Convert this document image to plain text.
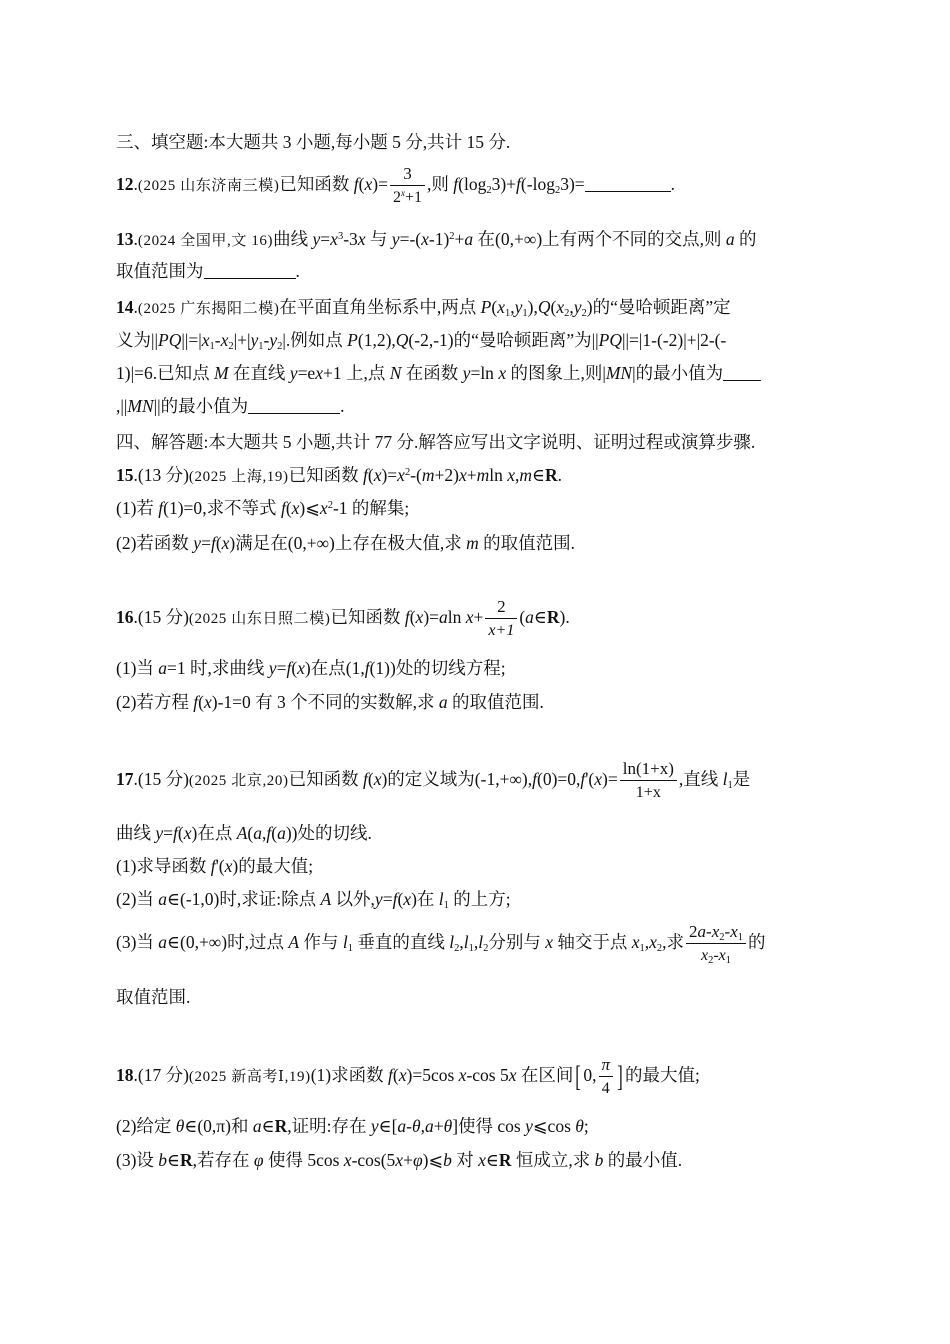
三、填空题:本大题共 3 小题,每小题 5 分,共计 15 分.
12.(2025 山东济南三模)已知函数 $f(x)= \frac{3}{2^x+1}$ ,则 $f(\log_23)+f(-\log_23)=$	.
13.(2024 全国甲,文 16)曲线 $y=x^3-3x$ 与 $y=-(x-1)^2+a$ 在(0,+∞)上有两个不同的交点,则 a 的
取值范围为	.
14.(2025 广东揭阳二模)在平面直角坐标系中,两点 $P(x_1,y_1),Q(x_2,y_2)$的“曼哈顿距离”定
义为$||PQ||=|x_1-x_2|+|y_1-y_2|$.例如点 P(1,2),Q(-2,-1)的“曼哈顿距离”为||PQ||=|1-(-2)|+|2-(-
1)|=6.已知点 M 在直线 y=ex+1 上,点 N 在函数 y=ln x 的图象上,则|MN|的最小值为
,||MN||的最小值为	.
四、解答题:本大题共 5 小题,共计 77 分.解答应写出文字说明、证明过程或演算步骤.
15.(13 分)(2025 上海,19)已知函数 $f(x)=x^2-(m+2)x+mln$ x,m∈R.
(1)若 f(1)=0,求不等式 $f(x)⩽x^2-1$ 的解集;
(2)若函数 y=f(x)满足在(0,+∞)上存在极大值,求 m 的取值范围.
16.(15 分)(2025 山东日照二模)已知函数 f(x)=aln $x+ \frac{2}{x+1}$ (a∈R).
(1)当 a=1 时,求曲线 y=f(x)在点(1,f(1))处的切线方程;
(2)若方程 f(x)-1=0 有 3 个不同的实数解,求 a 的取值范围.
17.(15 分)(2025 北京,20)已知函数 f(x)的定义域为$(-1,+\infty),f(0)=0,f'(x)= \frac{\ln(1+x)}{1+x}$ ,直线 $l_1$是
曲线 y=f(x)在点 A(a,f(a))处的切线.
(1)求导函数 f'(x)的最大值;
(2)当 a∈(-1,0)时,求证:除点 A 以外,y=f(x)在 $l_1$ 的上方;
(3)当 a∈(0,+∞)时,过点 A 作与 $l_1$ 垂直的直线 $l_2,l_1,l_2$分别与 x 轴交于点 $x_1,x_2$,求 $\frac{2a-x_2-x_1}{x_2-x_1}$ 的
取值范围.
18.(17 分)(2025 新高考Ⅰ,19)(1)求函数 f(x)=5cos x-cos 5x 在区间[ 0, $\frac{\pi}{4}$ ] 的最大值;
(2)给定 θ∈(0,π)和 a∈R,证明:存在 y∈[a-θ,a+θ]使得 cos y⩽cos θ;
(3)设 b∈R,若存在 φ 使得 5cos x-cos(5x+φ)⩽b 对 x∈R 恒成立,求 b 的最小值.
